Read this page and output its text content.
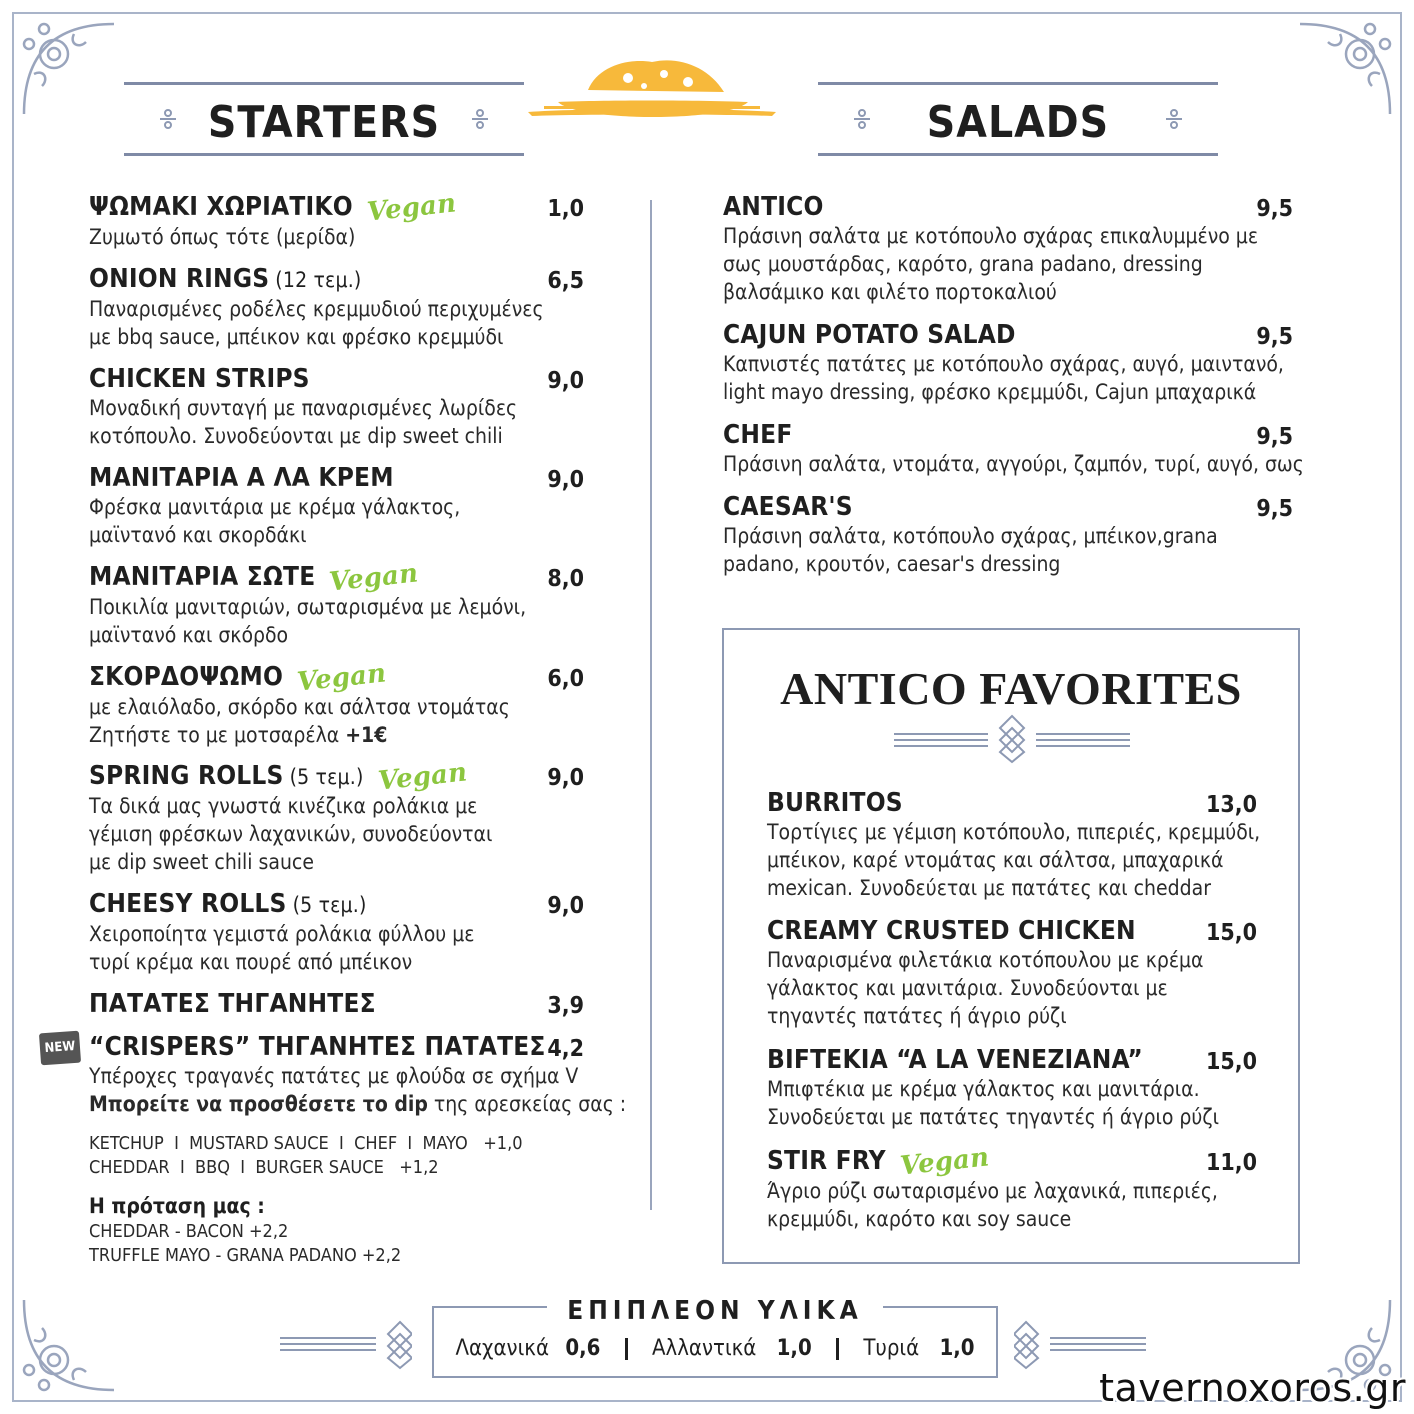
STARTERS	SALADS
ΨΩΜΑΚΙ ΧΩΡΙΑΤΙΚΟ Vegan
Ζυμωτό όπως τότε (μερίδα)
1,0
ONION RINGS (12 τεμ.)
Παναρισμένες ροδέλες κρεμμυδιού περιχυμένες
με bbq sauce, μπέικον και φρέσκο κρεμμύδι
6,5
CHICKEN STRIPS
Μοναδική συνταγή με παναρισμένες λωρίδες
κοτόπουλο. Συνοδεύονται με dip sweet chili
9,0
ΜΑΝΙΤΑΡΙΑ Α ΛΑ ΚΡΕΜ
Φρέσκα μανιτάρια με κρέμα γάλακτος,
μαϊντανό και σκορδάκι
9,0
ΜΑΝΙΤΑΡΙΑ ΣΩΤΕ Vegan
Ποικιλία μανιταριών, σωταρισμένα με λεμόνι,
μαϊντανό και σκόρδο
8,0
ΣΚΟΡΔΟΨΩΜΟ Vegan
με ελαιόλαδο, σκόρδο και σάλτσα ντομάτας
Ζητήστε το με μοτσαρέλα +1€
6,0
SPRING ROLLS (5 τεμ.) Vegan
Τα δικά μας γνωστά κινέζικα ρολάκια με
γέμιση φρέσκων λαχανικών, συνοδεύονται
με dip sweet chili sauce
9,0
CHEESY ROLLS (5 τεμ.)
Χειροποίητα γεμιστά ρολάκια φύλλου με
τυρί κρέμα και πουρέ από μπέικον
9,0
ΠΑΤΑΤΕΣ ΤΗΓΑΝΗΤΕΣ	3,9
“CRISPERS” ΤΗΓΑΝΗΤΕΣ ΠΑΤΑΤΕΣ
Υπέροχες τραγανές πατάτες με φλούδα σε σχήμα V
Μπορείτε να προσθέσετε το dip της αρεσκείας σας :
4,2
NEW
KETCHUP  I  MUSTARD SAUCE  I  CHEF  I  MAYO   +1,0
CHEDDAR  I  BBQ  I  BURGER SAUCE   +1,2
Η πρόταση μας :
CHEDDAR - BACON +2,2
TRUFFLE MAYO - GRANA PADANO +2,2
ANTICO
Πράσινη σαλάτα με κοτόπουλο σχάρας επικαλυμμένο με
σως μουστάρδας, καρότο, grana padano, dressing
βαλσάμικο και φιλέτο πορτοκαλιού
9,5
CAJUN POTATO SALAD
Καπνιστές πατάτες με κοτόπουλο σχάρας, αυγό, μαιντανό,
light mayo dressing, φρέσκο κρεμμύδι, Cajun μπαχαρικά
9,5
CHEF
Πράσινη σαλάτα, ντομάτα, αγγούρι, ζαμπόν, τυρί, αυγό, σως
9,5
CAESAR'S
Πράσινη σαλάτα, κοτόπουλο σχάρας, μπέικον,grana
padano, κρουτόν, caesar's dressing
9,5
ANTICO FAVORITES
BURRITOS
Τορτίγιες με γέμιση κοτόπουλο, πιπεριές, κρεμμύδι,
μπέικον, καρέ ντομάτας και σάλτσα, μπαχαρικά
mexican. Συνοδεύεται με πατάτες και cheddar
13,0
CREAMY CRUSTED CHICKEN
Παναρισμένα φιλετάκια κοτόπουλου με κρέμα
γάλακτος και μανιτάρια. Συνοδεύονται με
τηγαντές πατάτες ή άγριο ρύζι
15,0
BIFTEKIA “A LA VENEZIANA”
Μπιφτέκια με κρέμα γάλακτος και μανιτάρια.
Συνοδεύεται με πατάτες τηγαντές ή άγριο ρύζι
15,0
STIR FRY Vegan
Άγριο ρύζι σωταρισμένο με λαχανικά, πιπεριές,
κρεμμύδι, καρότο και soy sauce
11,0
ΕΠΙΠΛΕΟΝ ΥΛΙΚΑ
Λαχανικά 0,6 Αλλαντικά 1,0 Τυριά 1,0
tavernoxoros.gr
